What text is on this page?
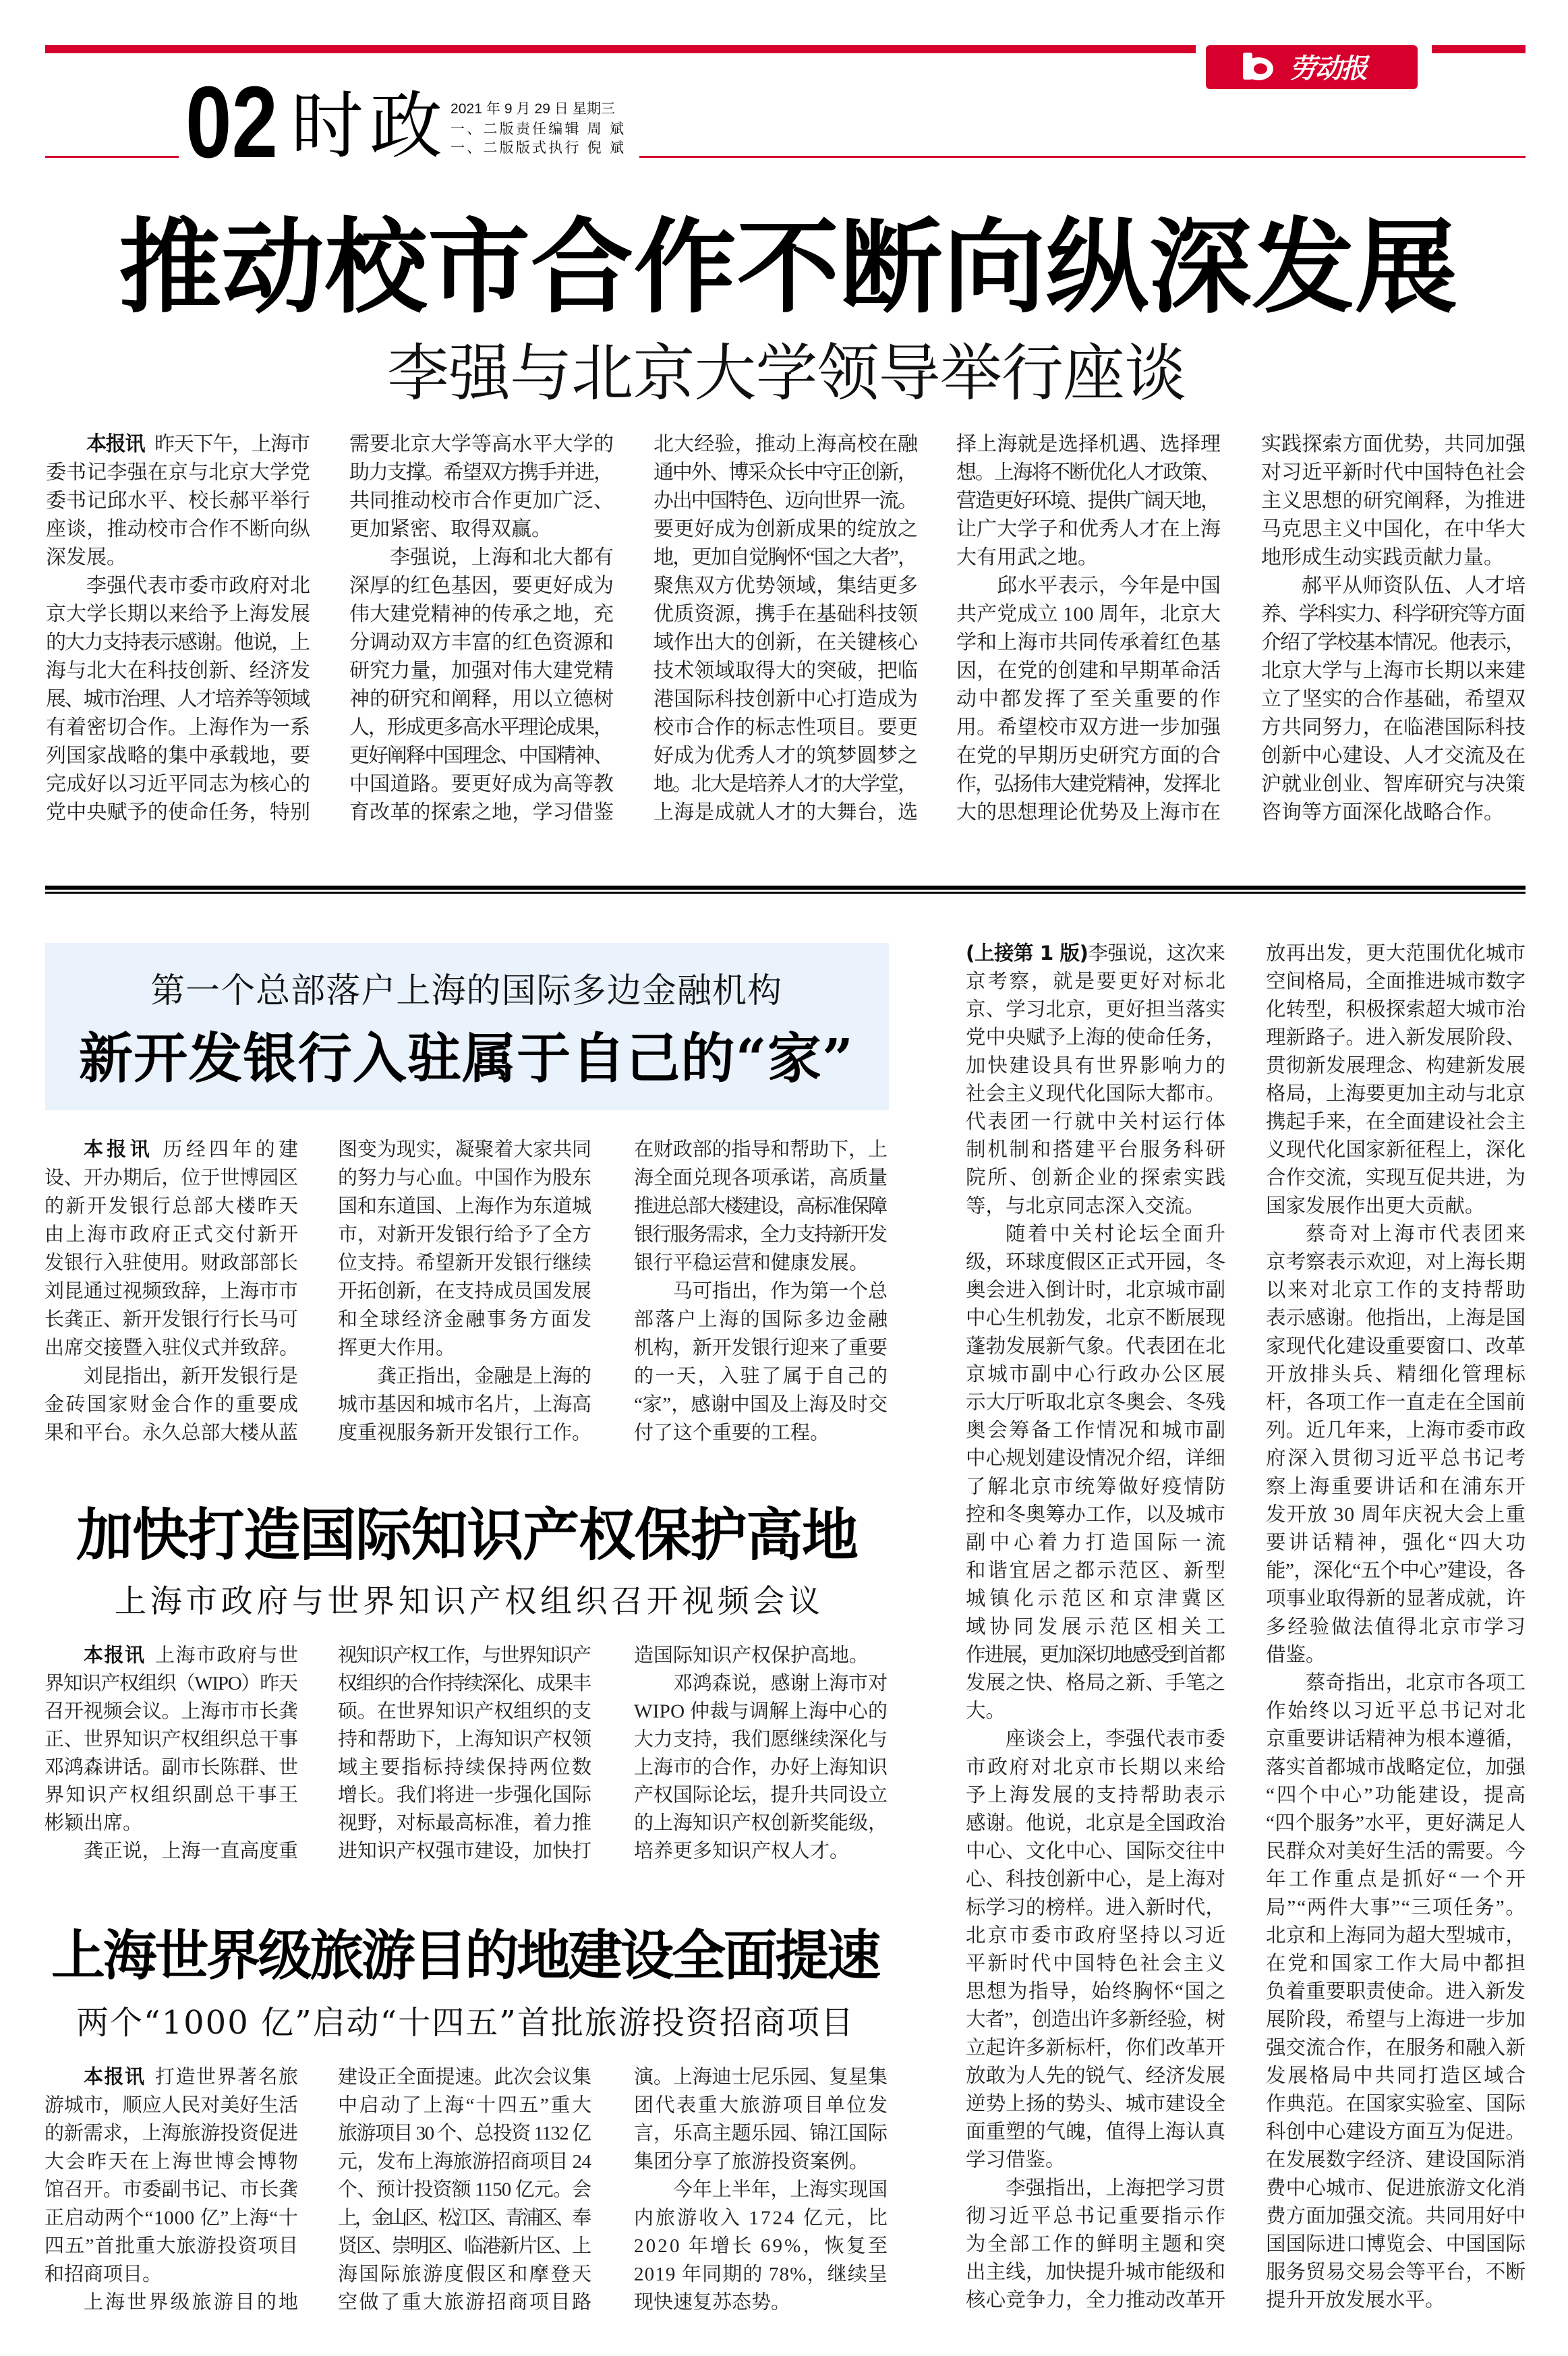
劳动报
02 时政 2021 年 9 月 29 日 星期三
一、二版责任编辑 周 斌
一、二版版式执行 倪 斌
推动校市合作不断向纵深发展
李强与北京大学领导举行座谈
本报讯 昨天下午，上海市
委书记李强在京与北京大学党
委书记邱水平、校长郝平举行
座谈，推动校市合作不断向纵
深发展。
李强代表市委市政府对北
京大学长期以来给予上海发展
的大力支持表示感谢。他说，上
海与北大在科技创新、经济发
展、城市治理、人才培养等领域
有着密切合作。上海作为一系
列国家战略的集中承载地，要
完成好以习近平同志为核心的
党中央赋予的使命任务，特别
需要北京大学等高水平大学的
助力支撑。希望双方携手并进，
共同推动校市合作更加广泛、
更加紧密、取得双赢。
李强说，上海和北大都有
深厚的红色基因，要更好成为
伟大建党精神的传承之地，充
分调动双方丰富的红色资源和
研究力量，加强对伟大建党精
神的研究和阐释，用以立德树
人，形成更多高水平理论成果，
更好阐释中国理念、中国精神、
中国道路。要更好成为高等教
育改革的探索之地，学习借鉴
北大经验，推动上海高校在融
通中外、博采众长中守正创新，
办出中国特色、迈向世界一流。
要更好成为创新成果的绽放之
地，更加自觉胸怀“国之大者”，
聚焦双方优势领域，集结更多
优质资源，携手在基础科技领
域作出大的创新，在关键核心
技术领域取得大的突破，把临
港国际科技创新中心打造成为
校市合作的标志性项目。要更
好成为优秀人才的筑梦圆梦之
地。北大是培养人才的大学堂，
上海是成就人才的大舞台，选
择上海就是选择机遇、选择理
想。上海将不断优化人才政策、
营造更好环境、提供广阔天地，
让广大学子和优秀人才在上海
大有用武之地。
邱水平表示，今年是中国
共产党成立 100 周年，北京大
学和上海市共同传承着红色基
因，在党的创建和早期革命活
动中都发挥了至关重要的作
用。希望校市双方进一步加强
在党的早期历史研究方面的合
作，弘扬伟大建党精神，发挥北
大的思想理论优势及上海市在
实践探索方面优势，共同加强
对习近平新时代中国特色社会
主义思想的研究阐释，为推进
马克思主义中国化，在中华大
地形成生动实践贡献力量。
郝平从师资队伍、人才培
养、学科实力、科学研究等方面
介绍了学校基本情况。他表示，
北京大学与上海市长期以来建
立了坚实的合作基础，希望双
方共同努力，在临港国际科技
创新中心建设、人才交流及在
沪就业创业、智库研究与决策
咨询等方面深化战略合作。
第一个总部落户上海的国际多边金融机构
新开发银行入驻属于自己的“家”
本报讯 历经四年的建
设、开办期后，位于世博园区
的新开发银行总部大楼昨天
由上海市政府正式交付新开
发银行入驻使用。财政部部长
刘昆通过视频致辞，上海市市
长龚正、新开发银行行长马可
出席交接暨入驻仪式并致辞。
刘昆指出，新开发银行是
金砖国家财金合作的重要成
果和平台。永久总部大楼从蓝
图变为现实，凝聚着大家共同
的努力与心血。中国作为股东
国和东道国、上海作为东道城
市，对新开发银行给予了全方
位支持。希望新开发银行继续
开拓创新，在支持成员国发展
和全球经济金融事务方面发
挥更大作用。
龚正指出，金融是上海的
城市基因和城市名片，上海高
度重视服务新开发银行工作。
在财政部的指导和帮助下，上
海全面兑现各项承诺，高质量
推进总部大楼建设，高标准保障
银行服务需求，全力支持新开发
银行平稳运营和健康发展。
马可指出，作为第一个总
部落户上海的国际多边金融
机构，新开发银行迎来了重要
的一天，入驻了属于自己的
“家”，感谢中国及上海及时交
付了这个重要的工程。
加快打造国际知识产权保护高地
上海市政府与世界知识产权组织召开视频会议
本报讯 上海市政府与世
界知识产权组织（WIPO）昨天
召开视频会议。上海市市长龚
正、世界知识产权组织总干事
邓鸿森讲话。副市长陈群、世
界知识产权组织副总干事王
彬颖出席。
龚正说，上海一直高度重
视知识产权工作，与世界知识产
权组织的合作持续深化、成果丰
硕。在世界知识产权组织的支
持和帮助下，上海知识产权领
域主要指标持续保持两位数
增长。我们将进一步强化国际
视野，对标最高标准，着力推
进知识产权强市建设，加快打
造国际知识产权保护高地。
邓鸿森说，感谢上海市对
WIPO 仲裁与调解上海中心的
大力支持，我们愿继续深化与
上海市的合作，办好上海知识
产权国际论坛，提升共同设立
的上海知识产权创新奖能级，
培养更多知识产权人才。
上海世界级旅游目的地建设全面提速
两个“1000 亿”启动“十四五”首批旅游投资招商项目
本报讯 打造世界著名旅
游城市，顺应人民对美好生活
的新需求，上海旅游投资促进
大会昨天在上海世博会博物
馆召开。市委副书记、市长龚
正启动两个“1000 亿”上海“十
四五”首批重大旅游投资项目
和招商项目。
上海世界级旅游目的地
建设正全面提速。此次会议集
中启动了上海“十四五”重大
旅游项目 30 个、总投资 1132 亿
元，发布上海旅游招商项目 24
个、预计投资额 1150 亿元。会
上，金山区、松江区、青浦区、奉
贤区、崇明区、临港新片区、上
海国际旅游度假区和摩登天
空做了重大旅游招商项目路
演。上海迪士尼乐园、复星集
团代表重大旅游项目单位发
言，乐高主题乐园、锦江国际
集团分享了旅游投资案例。
今年上半年，上海实现国
内旅游收入 1724 亿元，比
2020 年增长 69%，恢复至
2019 年同期的 78%，继续呈
现快速复苏态势。
(上接第 1 版)李强说，这次来
京考察，就是要更好对标北
京、学习北京，更好担当落实
党中央赋予上海的使命任务，
加快建设具有世界影响力的
社会主义现代化国际大都市。
代表团一行就中关村运行体
制机制和搭建平台服务科研
院所、创新企业的探索实践
等，与北京同志深入交流。
随着中关村论坛全面升
级，环球度假区正式开园，冬
奥会进入倒计时，北京城市副
中心生机勃发，北京不断展现
蓬勃发展新气象。代表团在北
京城市副中心行政办公区展
示大厅听取北京冬奥会、冬残
奥会筹备工作情况和城市副
中心规划建设情况介绍，详细
了解北京市统筹做好疫情防
控和冬奥筹办工作，以及城市
副中心着力打造国际一流
和谐宜居之都示范区、新型
城镇化示范区和京津冀区
域协同发展示范区相关工
作进展，更加深切地感受到首都
发展之快、格局之新、手笔之
大。
座谈会上，李强代表市委
市政府对北京市长期以来给
予上海发展的支持帮助表示
感谢。他说，北京是全国政治
中心、文化中心、国际交往中
心、科技创新中心，是上海对
标学习的榜样。进入新时代，
北京市委市政府坚持以习近
平新时代中国特色社会主义
思想为指导，始终胸怀“国之
大者”，创造出许多新经验，树
立起许多新标杆，你们改革开
放敢为人先的锐气、经济发展
逆势上扬的势头、城市建设全
面重塑的气魄，值得上海认真
学习借鉴。
李强指出，上海把学习贯
彻习近平总书记重要指示作
为全部工作的鲜明主题和突
出主线，加快提升城市能级和
核心竞争力，全力推动改革开
放再出发，更大范围优化城市
空间格局，全面推进城市数字
化转型，积极探索超大城市治
理新路子。进入新发展阶段、
贯彻新发展理念、构建新发展
格局，上海要更加主动与北京
携起手来，在全面建设社会主
义现代化国家新征程上，深化
合作交流，实现互促共进，为
国家发展作出更大贡献。
蔡奇对上海市代表团来
京考察表示欢迎，对上海长期
以来对北京工作的支持帮助
表示感谢。他指出，上海是国
家现代化建设重要窗口、改革
开放排头兵、精细化管理标
杆，各项工作一直走在全国前
列。近几年来，上海市委市政
府深入贯彻习近平总书记考
察上海重要讲话和在浦东开
发开放 30 周年庆祝大会上重
要讲话精神，强化“四大功
能”，深化“五个中心”建设，各
项事业取得新的显著成就，许
多经验做法值得北京市学习
借鉴。
蔡奇指出，北京市各项工
作始终以习近平总书记对北
京重要讲话精神为根本遵循，
落实首都城市战略定位，加强
“四个中心”功能建设，提高
“四个服务”水平，更好满足人
民群众对美好生活的需要。今
年工作重点是抓好“一个开
局”“两件大事”“三项任务”。
北京和上海同为超大型城市，
在党和国家工作大局中都担
负着重要职责使命。进入新发
展阶段，希望与上海进一步加
强交流合作，在服务和融入新
发展格局中共同打造区域合
作典范。在国家实验室、国际
科创中心建设方面互为促进。
在发展数字经济、建设国际消
费中心城市、促进旅游文化消
费方面加强交流。共同用好中
国国际进口博览会、中国国际
服务贸易交易会等平台，不断
提升开放发展水平。
